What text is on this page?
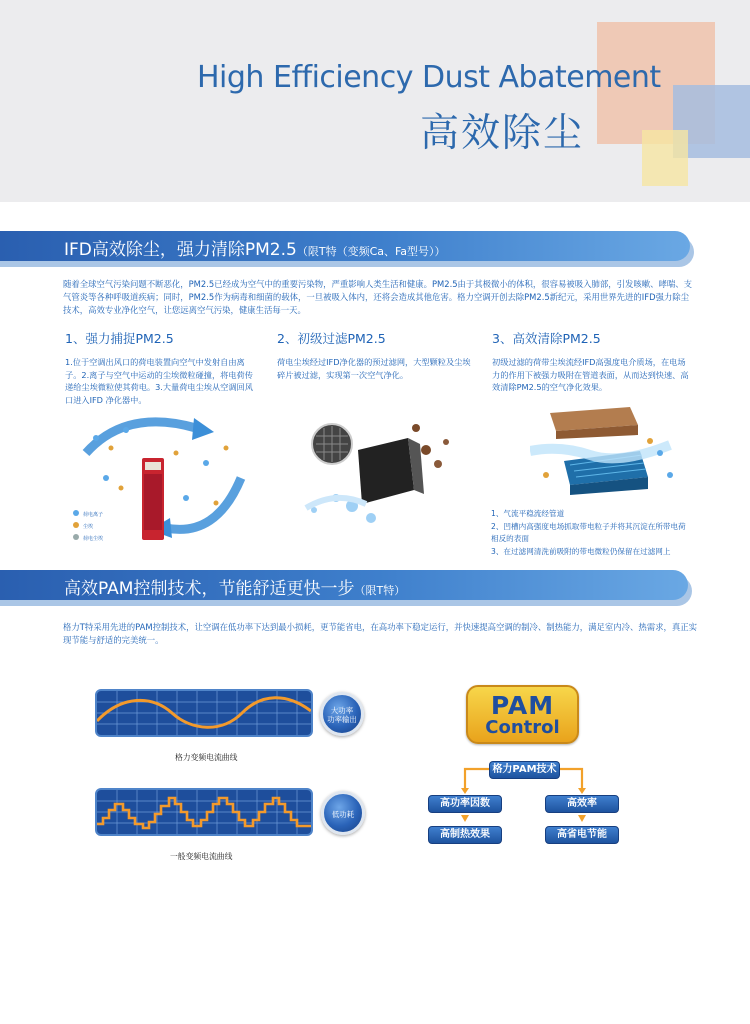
High Efficiency Dust Abatement
高效除尘
IFD高效除尘，强力清除PM2.5（限T特（变频Ca、Fa型号））

随着全球空气污染问题不断恶化，PM2.5已经成为空气中的重要污染物，严重影响人类生活和健康。PM2.5由于其极微小的体积，很容易被吸入肺部，引发咳嗽、哮喘、支气管炎等各种呼吸道疾病；同时，PM2.5作为病毒和细菌的载体，一旦被吸入体内，还将会造成其他危害。格力空调开创去除PM2.5新纪元，采用世界先进的IFD强力除尘技术，高效专业净化空气，让您远离空气污染，健康生活每一天。

1、强力捕捉PM2.5
1.位于空调出风口的荷电装置向空气中发射自由离子。2.离子与空气中运动的尘埃微粒碰撞，将电荷传递给尘埃微粒使其荷电。3.大量荷电尘埃从空调回风口进入IFD 净化器中。
2、初级过滤PM2.5
荷电尘埃经过IFD净化器的预过滤网，大型颗粒及尘埃碎片被过滤，实现第一次空气净化。
3、高效清除PM2.5
初级过滤的荷带尘埃流经IFD高强度电介质场，在电场力的作用下被强力吸附在管道表面，从而达到快速、高效清除PM2.5的空气净化效果。
荷电离子
尘埃
荷电尘埃
1、气流平稳流经管道
2、凹槽内高强度电场抓取带电粒子并将其沉淀在所带电荷相反的表面
3、在过滤网清洗前吸附的带电微粒仍保留在过滤网上
高效PAM控制技术，节能舒适更快一步（限T特）

格力T特采用先进的PAM控制技术，让空调在低功率下达到最小损耗，更节能省电，在高功率下稳定运行，并快速提高空调的制冷、制热能力，满足室内冷、热需求，真正实现节能与舒适的完美统一。

格力变频电流曲线
大功率
功率输出
一般变频电流曲线
低功耗
PAM
Control
格力PAM技术
高功率因数	高效率
高制热效果	高省电节能
